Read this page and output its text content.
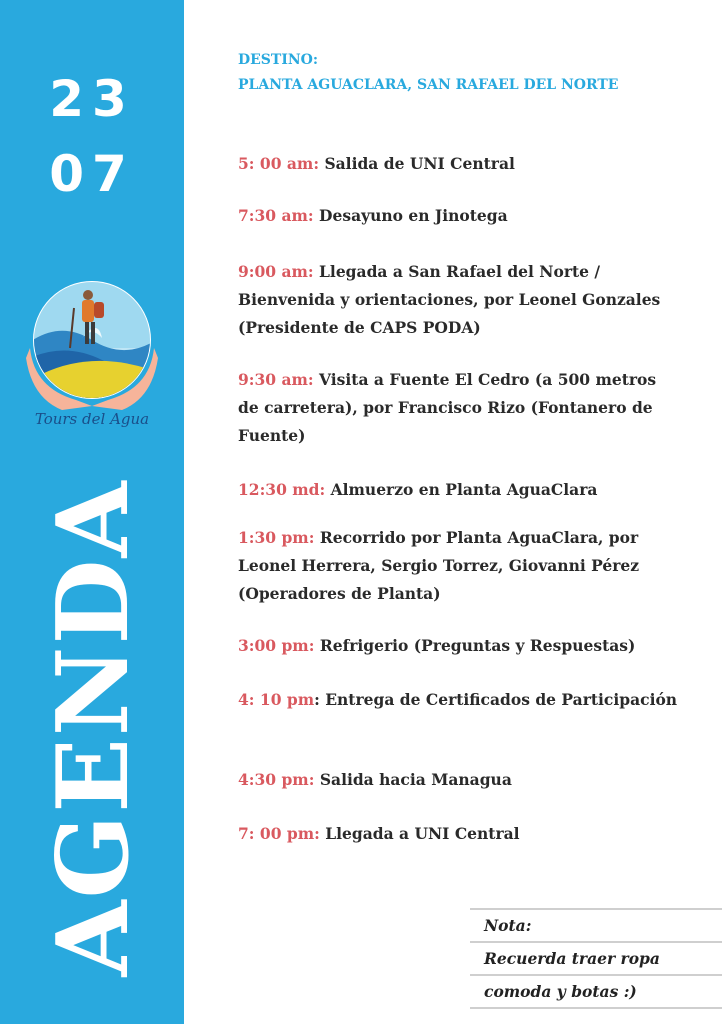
23
07
Tours del Agua
AGENDA
DESTINO:
PLANTA AGUACLARA, SAN RAFAEL DEL NORTE
5: 00 am: Salida de UNI Central
7:30 am: Desayuno en Jinotega
9:00 am: Llegada a San Rafael del Norte / Bienvenida y orientaciones, por Leonel Gonzales (Presidente de CAPS PODA)
9:30 am: Visita a Fuente El Cedro (a 500 metros de carretera), por Francisco Rizo (Fontanero de Fuente)
12:30 md: Almuerzo en Planta AguaClara
1:30 pm: Recorrido por Planta AguaClara, por Leonel Herrera, Sergio Torrez, Giovanni Pérez (Operadores de Planta)
3:00 pm: Refrigerio (Preguntas y Respuestas)
4: 10 pm: Entrega de Certificados de Participación
4:30 pm: Salida hacia Managua
7: 00 pm: Llegada a UNI Central
Nota:
Recuerda traer ropa
comoda y botas :)
